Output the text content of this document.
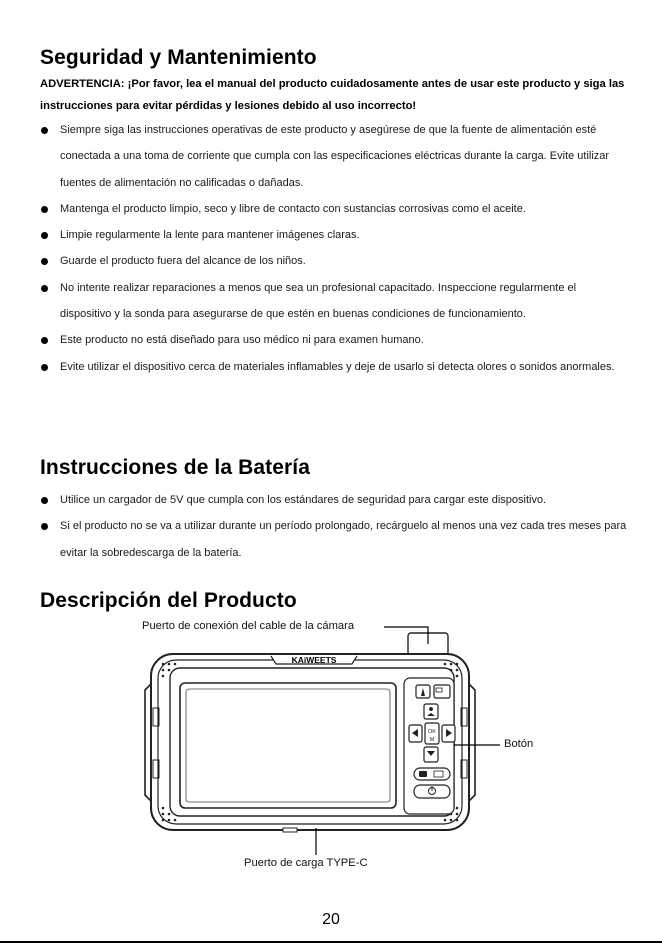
Seguridad y Mantenimiento
ADVERTENCIA: ¡Por favor, lea el manual del producto cuidadosamente antes de usar este producto y siga las instrucciones para evitar pérdidas y lesiones debido al uso incorrecto!
Siempre siga las instrucciones operativas de este producto y asegúrese de que la fuente de alimentación esté conectada a una toma de corriente que cumpla con las especificaciones eléctricas durante la carga. Evite utilizar fuentes de alimentación no calificadas o dañadas.
Mantenga el producto limpio, seco y libre de contacto con sustancias corrosivas como el aceite.
Limpie regularmente la lente para mantener imágenes claras.
Guarde el producto fuera del alcance de los niños.
No intente realizar reparaciones a menos que sea un profesional capacitado. Inspeccione regularmente el dispositivo y la sonda para asegurarse de que estén en buenas condiciones de funcionamiento.
Este producto no está diseñado para uso médico ni para examen humano.
Evite utilizar el dispositivo cerca de materiales inflamables y deje de usarlo si detecta olores o sonidos anormales.
Instrucciones de la Batería
Utilice un cargador de 5V que cumpla con los estándares de seguridad para cargar este dispositivo.
Si el producto no se va a utilizar durante un período prolongado, recárguelo al menos una vez cada tres meses para evitar la sobredescarga de la batería.
Descripción del Producto
KAiWEETS
OK
M
Puerto de conexión del cable de la cámara
Botón
Puerto de carga TYPE-C
20
